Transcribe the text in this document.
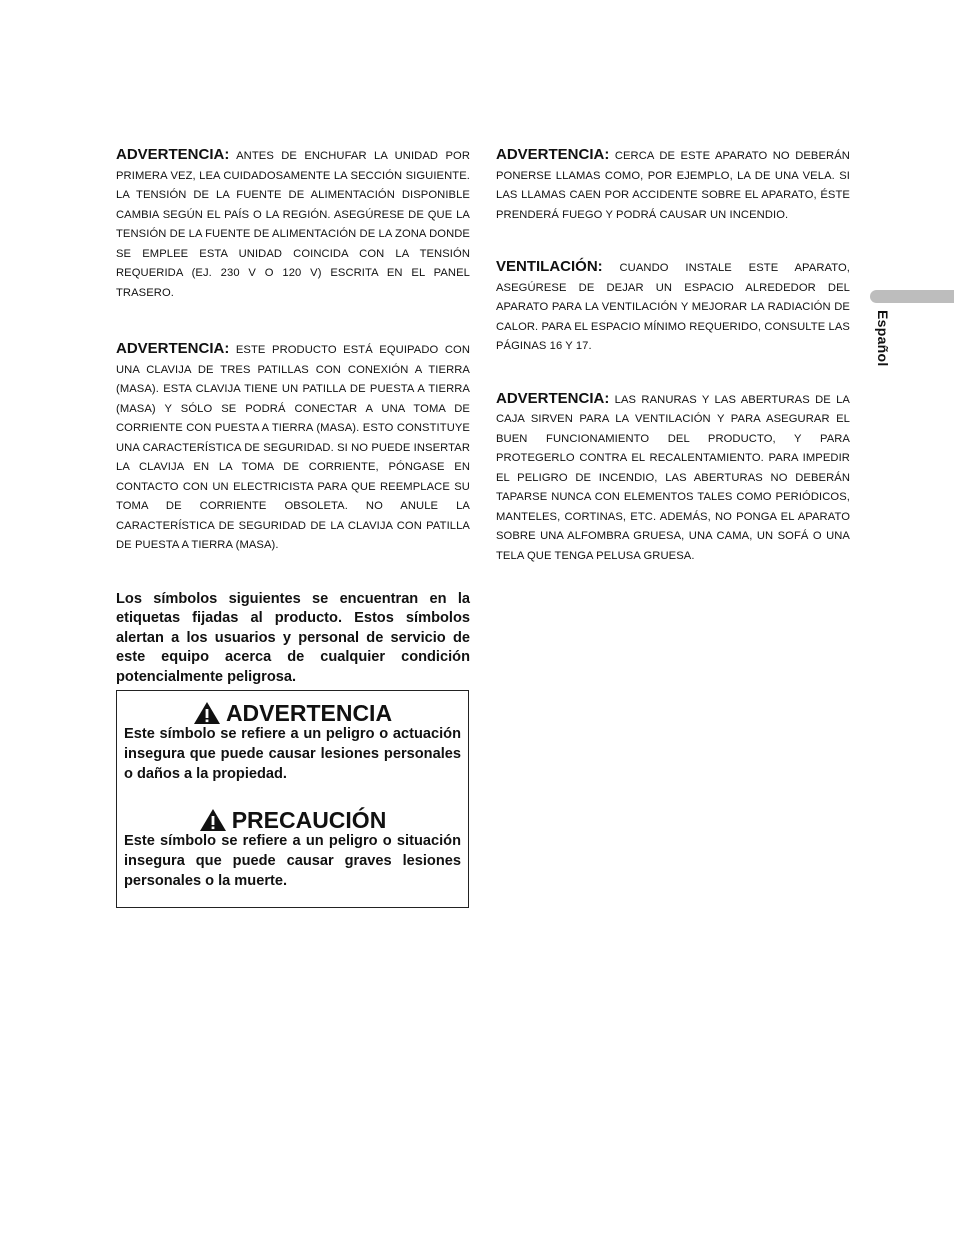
ADVERTENCIA: ANTES DE ENCHUFAR LA UNIDAD POR PRIMERA VEZ, LEA CUIDADOSAMENTE LA SECCIÓN SIGUIENTE. LA TENSIÓN DE LA FUENTE DE ALIMENTACIÓN DISPONIBLE CAMBIA SEGÚN EL PAÍS O LA REGIÓN. ASEGÚRESE DE QUE LA TENSIÓN DE LA FUENTE DE ALIMENTACIÓN DE LA ZONA DONDE SE EMPLEE ESTA UNIDAD COINCIDA CON LA TENSIÓN REQUERIDA (EJ. 230 V O 120 V) ESCRITA EN EL PANEL TRASERO.

ADVERTENCIA: ESTE PRODUCTO ESTÁ EQUIPADO CON UNA CLAVIJA DE TRES PATILLAS CON CONEXIÓN A TIERRA (MASA). ESTA CLAVIJA TIENE UN PATILLA DE PUESTA A TIERRA (MASA) Y SÓLO SE PODRÁ CONECTAR A UNA TOMA DE CORRIENTE CON PUESTA A TIERRA (MASA). ESTO CONSTITUYE UNA CARACTERÍSTICA DE SEGURIDAD. SI NO PUEDE INSERTAR LA CLAVIJA EN LA TOMA DE CORRIENTE, PÓNGASE EN CONTACTO CON UN ELECTRICISTA PARA QUE REEMPLACE SU TOMA DE CORRIENTE OBSOLETA. NO ANULE LA CARACTERÍSTICA DE SEGURIDAD DE LA CLAVIJA CON PATILLA DE PUESTA A TIERRA (MASA).

Los símbolos siguientes se encuentran en la etiquetas fijadas al producto. Estos símbolos alertan a los usuarios y personal de servicio de este equipo acerca de cualquier condición potencialmente peligrosa.

ADVERTENCIA

Este símbolo se refiere a un peligro o actuación insegura que puede causar lesiones personales o daños a la propiedad.

PRECAUCIÓN

Este símbolo se refiere a un peligro o situación insegura que puede causar graves lesiones personales o la muerte.

ADVERTENCIA: CERCA DE ESTE APARATO NO DEBERÁN PONERSE LLAMAS COMO, POR EJEMPLO, LA DE UNA VELA. SI LAS LLAMAS CAEN POR ACCIDENTE SOBRE EL APARATO, ÉSTE PRENDERÁ FUEGO Y PODRÁ CAUSAR UN INCENDIO.

VENTILACIÓN: CUANDO INSTALE ESTE APARATO, ASEGÚRESE DE DEJAR UN ESPACIO ALREDEDOR DEL APARATO PARA LA VENTILACIÓN Y MEJORAR LA RADIACIÓN DE CALOR. PARA EL ESPACIO MÍNIMO REQUERIDO, CONSULTE LAS PÁGINAS 16 Y 17.

ADVERTENCIA: LAS RANURAS Y LAS ABERTURAS DE LA CAJA SIRVEN PARA LA VENTILACIÓN Y PARA ASEGURAR EL BUEN FUNCIONAMIENTO DEL PRODUCTO, Y PARA PROTEGERLO CONTRA EL RECALENTAMIENTO. PARA IMPEDIR EL PELIGRO DE INCENDIO, LAS ABERTURAS NO DEBERÁN TAPARSE NUNCA CON ELEMENTOS TALES COMO PERIÓDICOS, MANTELES, CORTINAS, ETC. ADEMÁS, NO PONGA EL APARATO SOBRE UNA ALFOMBRA GRUESA, UNA CAMA, UN SOFÁ O UNA TELA QUE TENGA PELUSA GRUESA.

Español
